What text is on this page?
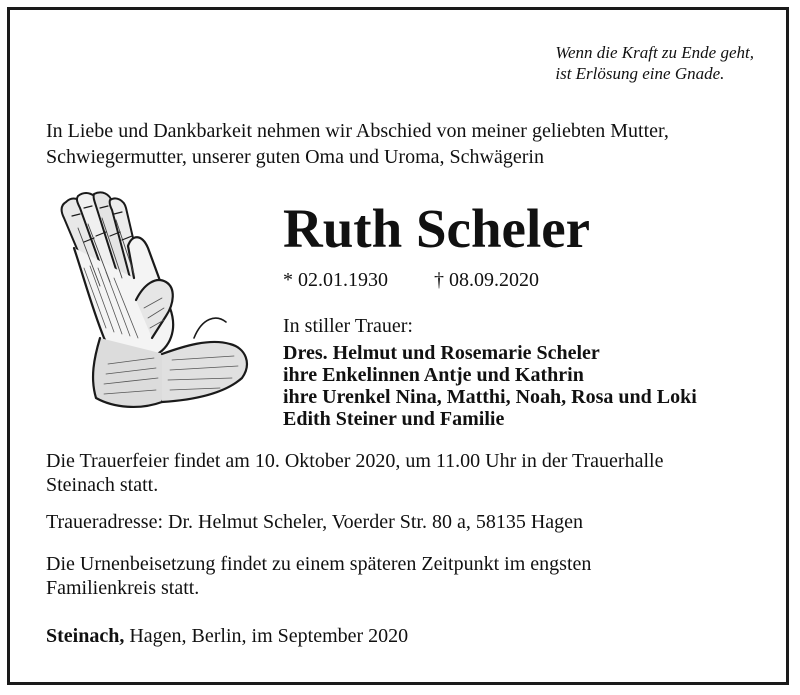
Wenn die Kraft zu Ende geht,
ist Erlösung eine Gnade.
In Liebe und Dankbarkeit nehmen wir Abschied von meiner geliebten Mutter,
Schwiegermutter, unserer guten Oma und Uroma, Schwägerin
Ruth Scheler
* 02.01.1930 † 08.09.2020
In stiller Trauer:
Dres. Helmut und Rosemarie Scheler
ihre Enkelinnen Antje und Kathrin
ihre Urenkel Nina, Matthi, Noah, Rosa und Loki
Edith Steiner und Familie
Die Trauerfeier findet am 10. Oktober 2020, um 11.00 Uhr in der Trauerhalle
Steinach statt.
Traueradresse: Dr. Helmut Scheler, Voerder Str. 80 a, 58135 Hagen
Die Urnenbeisetzung findet zu einem späteren Zeitpunkt im engsten
Familienkreis statt.
Steinach, Hagen, Berlin, im September 2020
